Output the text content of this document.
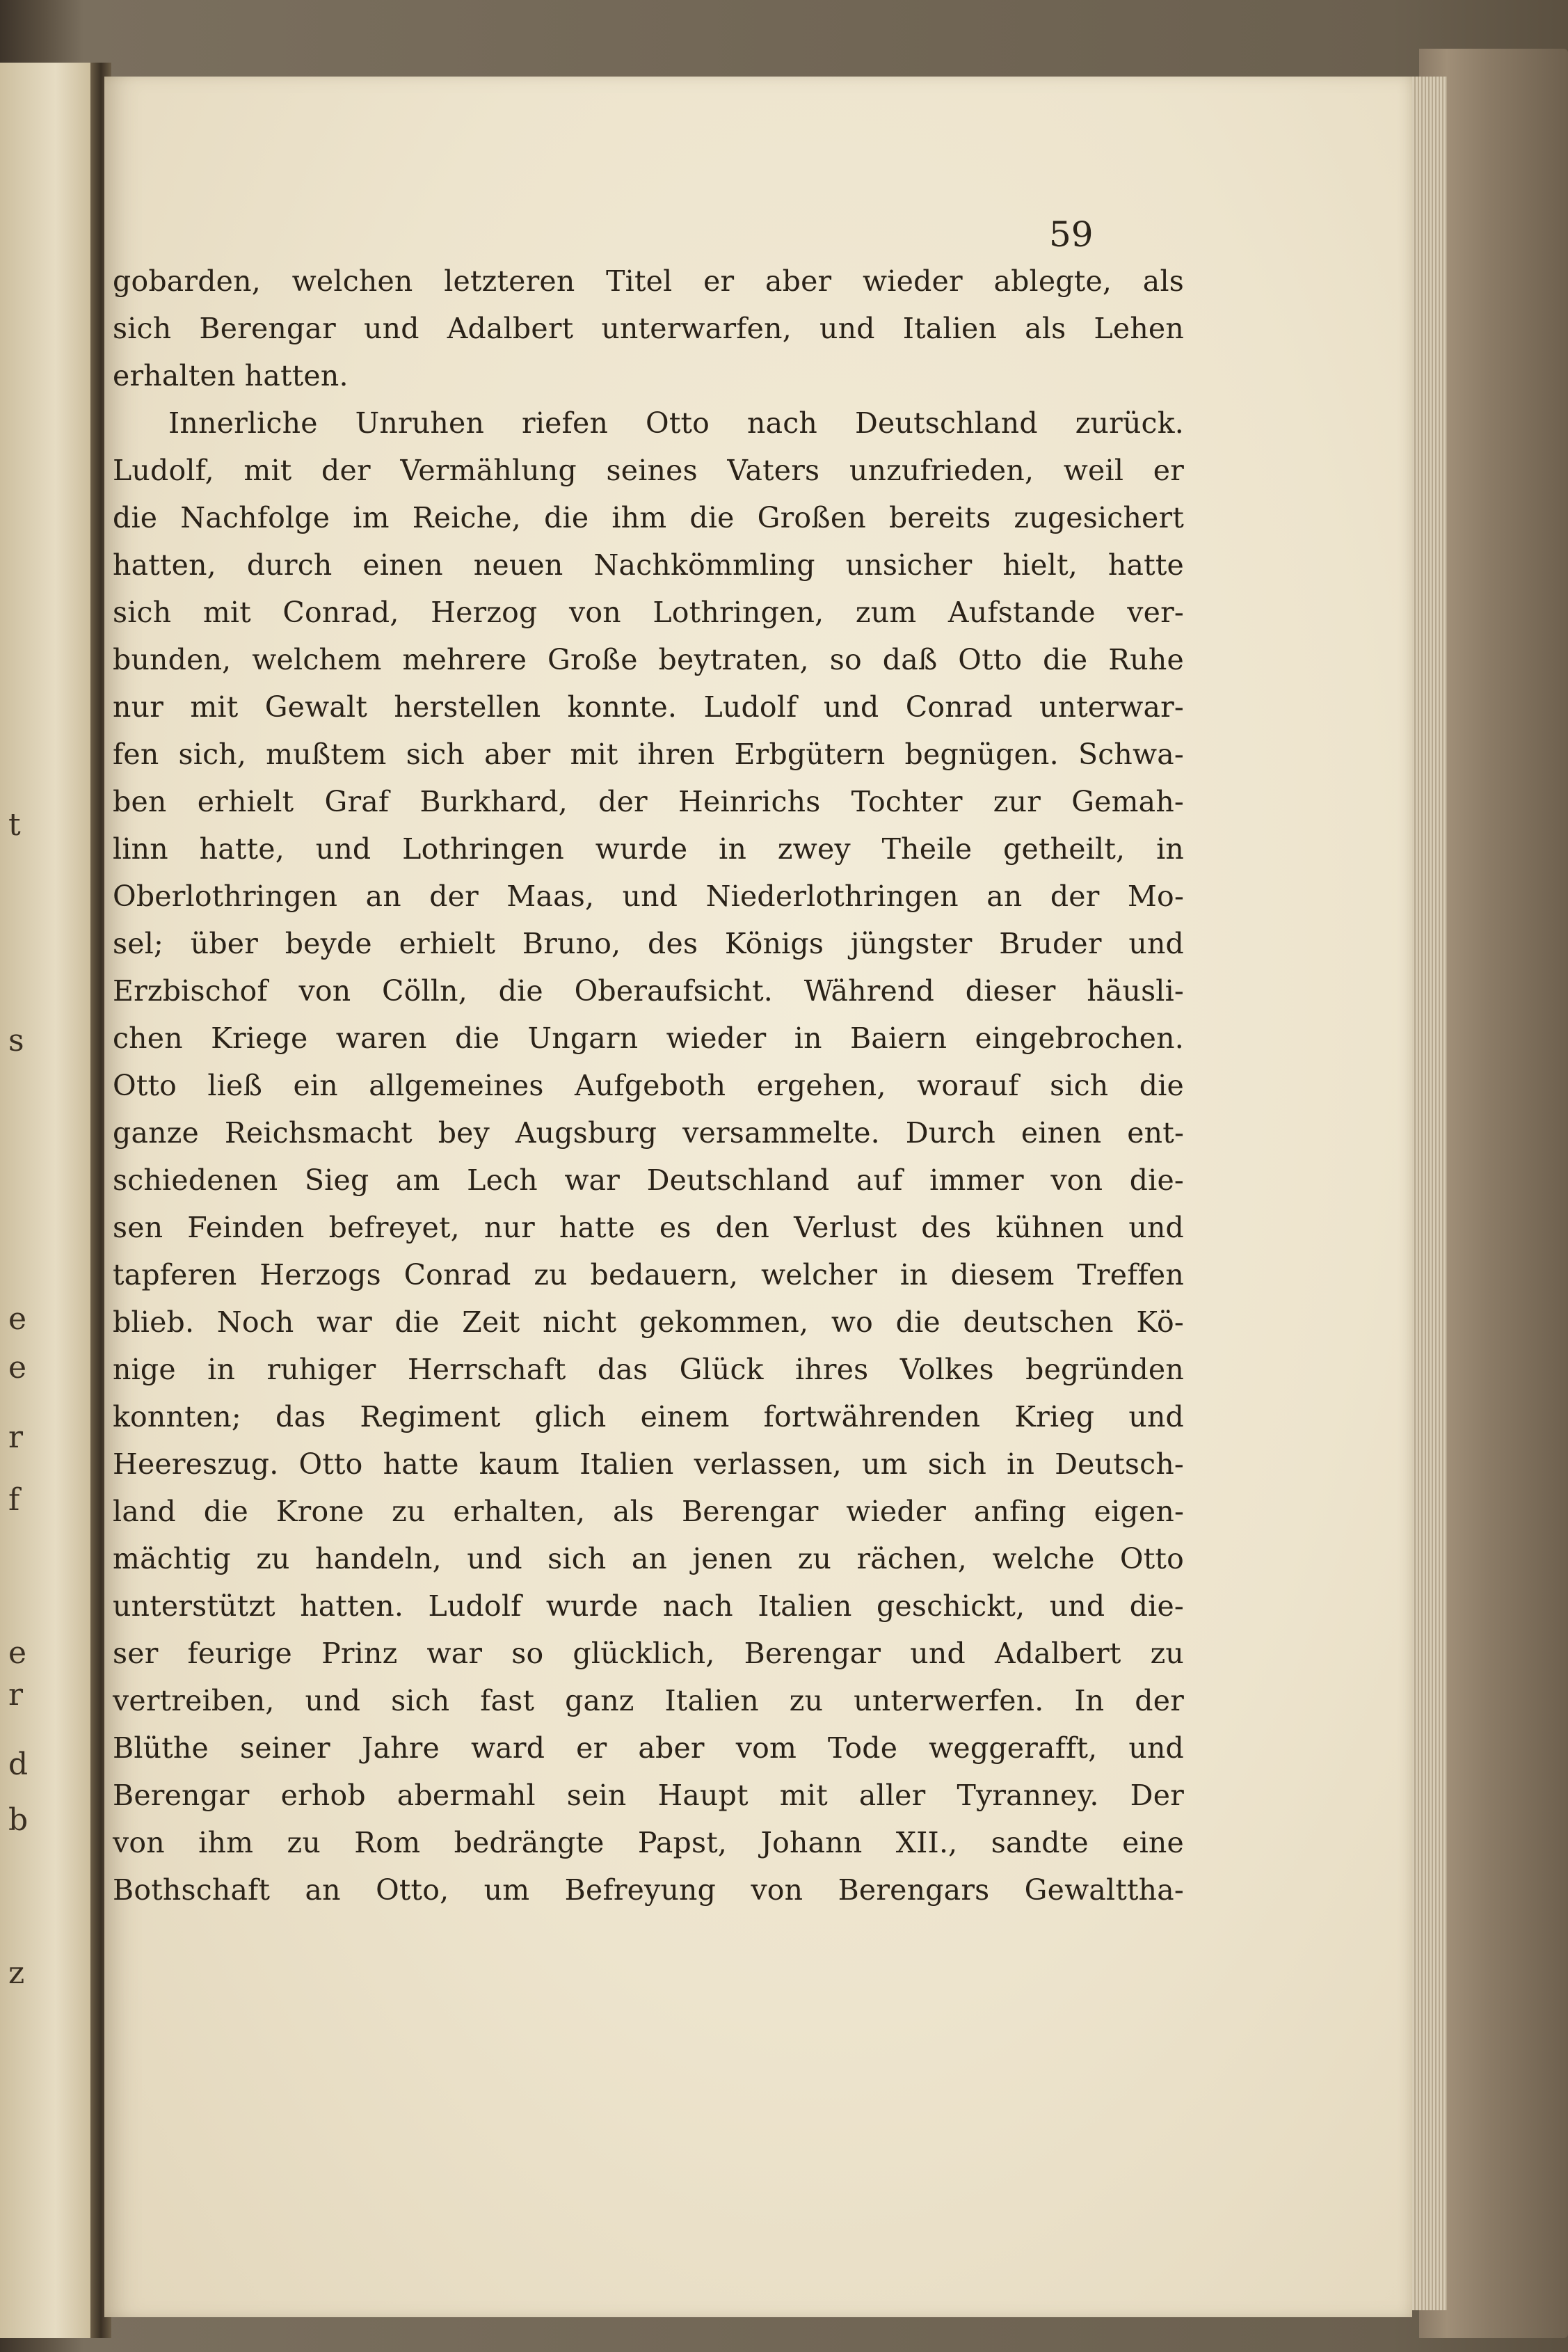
t
s
e
e
r
f
e
r
d
b
z
59
gobarden, welchen letzteren Titel er aber wieder ablegte, als
sich Berengar und Adalbert unterwarfen, und Italien als Lehen
erhalten hatten.
Innerliche Unruhen riefen Otto nach Deutschland zurück.
Ludolf, mit der Vermählung seines Vaters unzufrieden, weil er
die Nachfolge im Reiche, die ihm die Großen bereits zugesichert
hatten, durch einen neuen Nachkömmling unsicher hielt, hatte
sich mit Conrad, Herzog von Lothringen, zum Aufstande ver-
bunden, welchem mehrere Große beytraten, so daß Otto die Ruhe
nur mit Gewalt herstellen konnte. Ludolf und Conrad unterwar-
fen sich, mußtem sich aber mit ihren Erbgütern begnügen. Schwa-
ben erhielt Graf Burkhard, der Heinrichs Tochter zur Gemah-
linn hatte, und Lothringen wurde in zwey Theile getheilt, in
Oberlothringen an der Maas, und Niederlothringen an der Mo-
sel; über beyde erhielt Bruno, des Königs jüngster Bruder und
Erzbischof von Cölln, die Oberaufsicht. Während dieser häusli-
chen Kriege waren die Ungarn wieder in Baiern eingebrochen.
Otto ließ ein allgemeines Aufgeboth ergehen, worauf sich die
ganze Reichsmacht bey Augsburg versammelte. Durch einen ent-
schiedenen Sieg am Lech war Deutschland auf immer von die-
sen Feinden befreyet, nur hatte es den Verlust des kühnen und
tapferen Herzogs Conrad zu bedauern, welcher in diesem Treffen
blieb. Noch war die Zeit nicht gekommen, wo die deutschen Kö-
nige in ruhiger Herrschaft das Glück ihres Volkes begründen
konnten; das Regiment glich einem fortwährenden Krieg und
Heereszug. Otto hatte kaum Italien verlassen, um sich in Deutsch-
land die Krone zu erhalten, als Berengar wieder anfing eigen-
mächtig zu handeln, und sich an jenen zu rächen, welche Otto
unterstützt hatten. Ludolf wurde nach Italien geschickt, und die-
ser feurige Prinz war so glücklich, Berengar und Adalbert zu
vertreiben, und sich fast ganz Italien zu unterwerfen. In der
Blüthe seiner Jahre ward er aber vom Tode weggerafft, und
Berengar erhob abermahl sein Haupt mit aller Tyranney. Der
von ihm zu Rom bedrängte Papst, Johann XII., sandte eine
Bothschaft an Otto, um Befreyung von Berengars Gewalttha-
